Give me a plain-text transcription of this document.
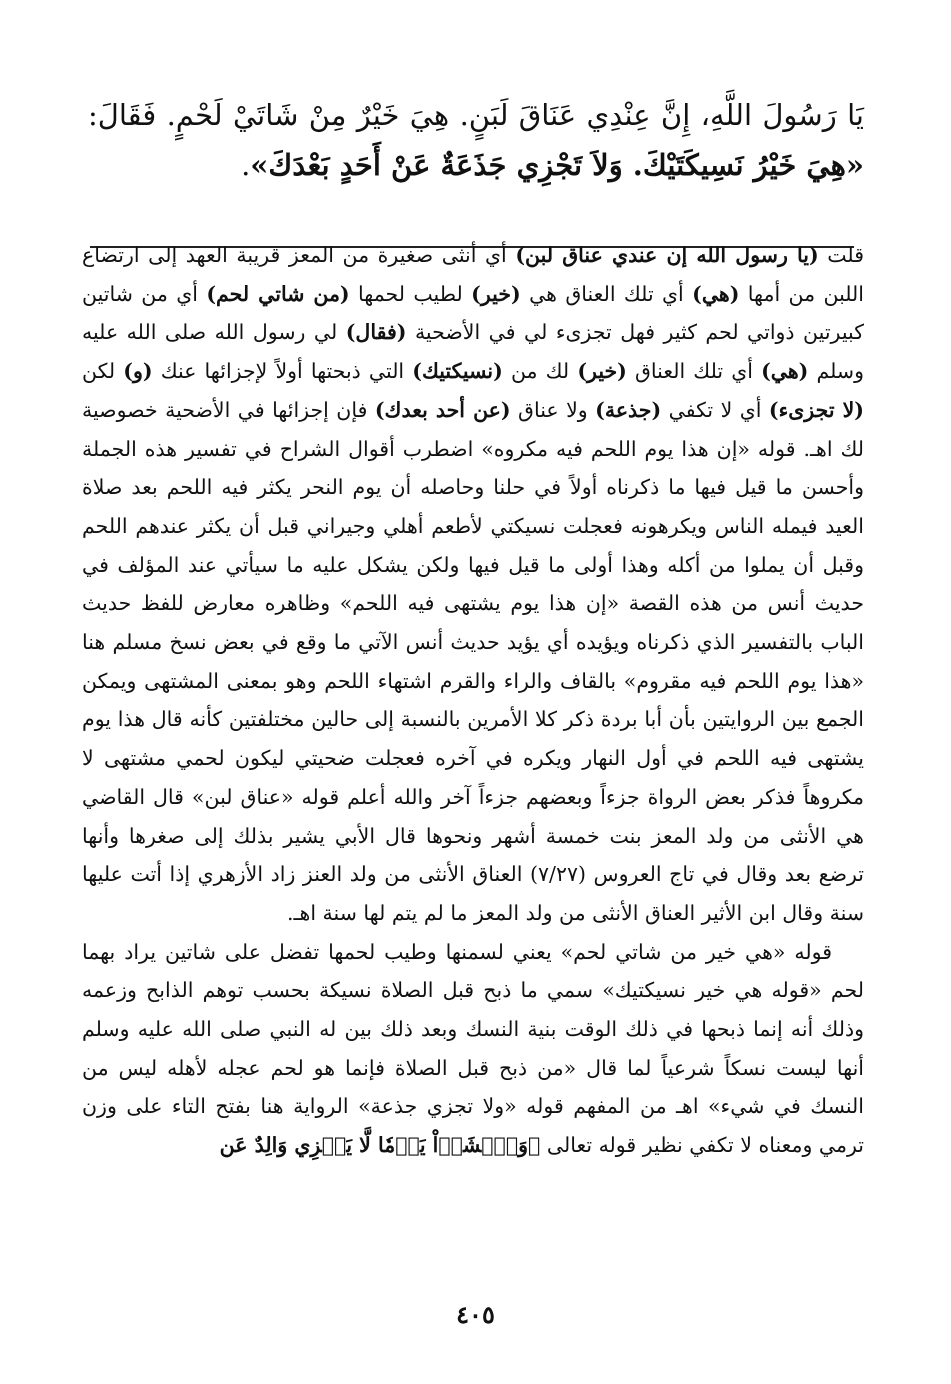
يَا رَسُولَ اللَّهِ، إِنَّ عِنْدِي عَنَاقَ لَبَنٍ. هِيَ خَيْرٌ مِنْ شَاتَيْ لَحْمٍ. فَقَالَ: «هِيَ خَيْرُ نَسِيكَتَيْكَ. وَلاَ تَجْزِي جَذَعَةٌ عَنْ أَحَدٍ بَعْدَكَ».

قلت (يا رسول الله إن عندي عناق لبن) أي أنثى صغيرة من المعز قريبة العهد إلى ارتضاع اللبن من أمها (هي) أي تلك العناق هي (خير) لطيب لحمها (من شاتي لحم) أي من شاتين كبيرتين ذواتي لحم كثير فهل تجزىء لي في الأضحية (فقال) لي رسول الله صلى الله عليه وسلم (هي) أي تلك العناق (خير) لك من (نسيكتيك) التي ذبحتها أولاً لإجزائها عنك (و) لكن (لا تجزىء) أي لا تكفي (جذعة) ولا عناق (عن أحد بعدك) فإن إجزائها في الأضحية خصوصية لك اهـ. قوله «إن هذا يوم اللحم فيه مكروه» اضطرب أقوال الشراح في تفسير هذه الجملة وأحسن ما قيل فيها ما ذكرناه أولاً في حلنا وحاصله أن يوم النحر يكثر فيه اللحم بعد صلاة العيد فيمله الناس ويكرهونه فعجلت نسيكتي لأطعم أهلي وجيراني قبل أن يكثر عندهم اللحم وقبل أن يملوا من أكله وهذا أولى ما قيل فيها ولكن يشكل عليه ما سيأتي عند المؤلف في حديث أنس من هذه القصة «إن هذا يوم يشتهى فيه اللحم» وظاهره معارض للفظ حديث الباب بالتفسير الذي ذكرناه ويؤيده أي يؤيد حديث أنس الآتي ما وقع في بعض نسخ مسلم هنا «هذا يوم اللحم فيه مقروم» بالقاف والراء والقرم اشتهاء اللحم وهو بمعنى المشتهى ويمكن الجمع بين الروايتين بأن أبا بردة ذكر كلا الأمرين بالنسبة إلى حالين مختلفتين كأنه قال هذا يوم يشتهى فيه اللحم في أول النهار ويكره في آخره فعجلت ضحيتي ليكون لحمي مشتهى لا مكروهاً فذكر بعض الرواة جزءاً وبعضهم جزءاً آخر والله أعلم قوله «عناق لبن» قال القاضي هي الأنثى من ولد المعز بنت خمسة أشهر ونحوها قال الأبي يشير بذلك إلى صغرها وأنها ترضع بعد وقال في تاج العروس (٧/٢٧) العناق الأنثى من ولد العنز زاد الأزهري إذا أتت عليها سنة وقال ابن الأثير العناق الأنثى من ولد المعز ما لم يتم لها سنة اهـ.

قوله «هي خير من شاتي لحم» يعني لسمنها وطيب لحمها تفضل على شاتين يراد بهما لحم «قوله هي خير نسيكتيك» سمي ما ذبح قبل الصلاة نسيكة بحسب توهم الذابح وزعمه وذلك أنه إنما ذبحها في ذلك الوقت بنية النسك وبعد ذلك بين له النبي صلى الله عليه وسلم أنها ليست نسكاً شرعياً لما قال «من ذبح قبل الصلاة فإنما هو لحم عجله لأهله ليس من النسك في شيء» اهـ من المفهم قوله «ولا تجزي جذعة» الرواية هنا بفتح التاء على وزن ترمي ومعناه لا تكفي نظير قوله تعالى ﴿وَٱخۡشَوۡاْ يَوۡمٗا لَّا يَجۡزِي وَالِدٌ عَن

٤٠٥
